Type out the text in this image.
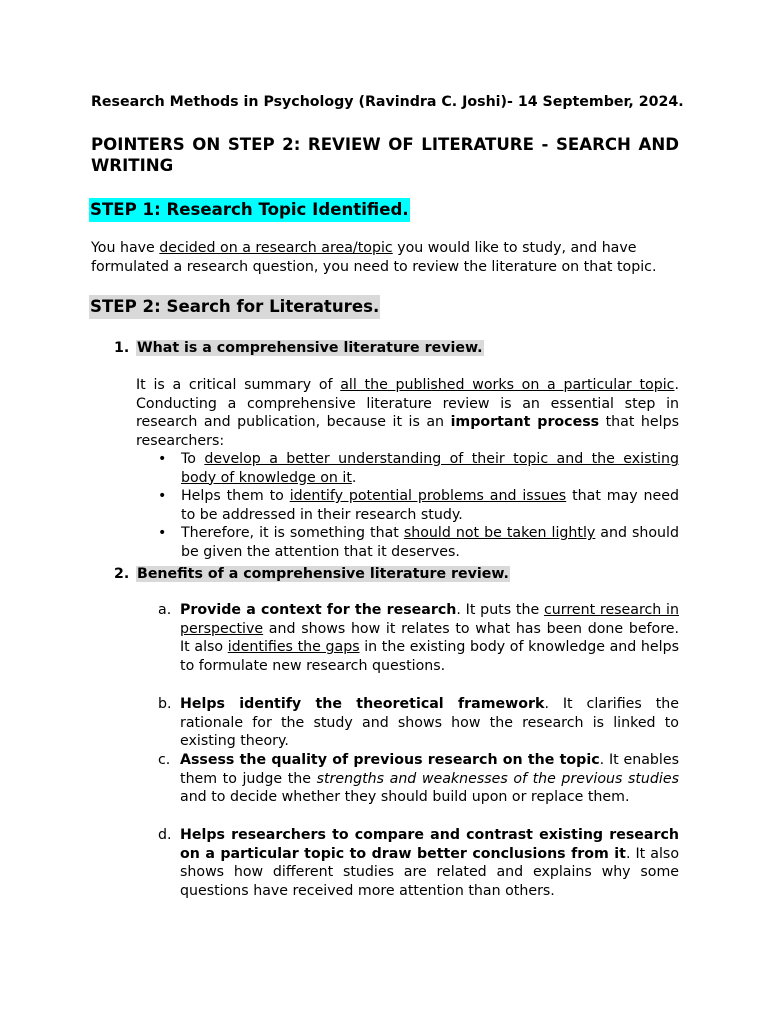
Research Methods in Psychology (Ravindra C. Joshi)- 14 September, 2024.
POINTERS ON STEP 2: REVIEW OF LITERATURE - SEARCH AND
WRITING
STEP 1: Research Topic Identified.
You have decided on a research area/topic you would like to study, and have formulated a research question, you need to review the literature on that topic.
STEP 2: Search for Literatures.
1. What is a comprehensive literature review.
It is a critical summary of all the published works on a particular topic. Conducting a comprehensive literature review is an essential step in research and publication, because it is an important process that helps researchers:
• To develop a better understanding of their topic and the existing body of knowledge on it.
• Helps them to identify potential problems and issues that may need to be addressed in their research study.
• Therefore, it is something that should not be taken lightly and should be given the attention that it deserves.
2. Benefits of a comprehensive literature review.
a. Provide a context for the research. It puts the current research in perspective and shows how it relates to what has been done before. It also identifies the gaps in the existing body of knowledge and helps to formulate new research questions.
b. Helps identify the theoretical framework. It clarifies the rationale for the study and shows how the research is linked to existing theory.
c. Assess the quality of previous research on the topic. It enables them to judge the strengths and weaknesses of the previous studies and to decide whether they should build upon or replace them.
d. Helps researchers to compare and contrast existing research on a particular topic to draw better conclusions from it. It also shows how different studies are related and explains why some questions have received more attention than others.
